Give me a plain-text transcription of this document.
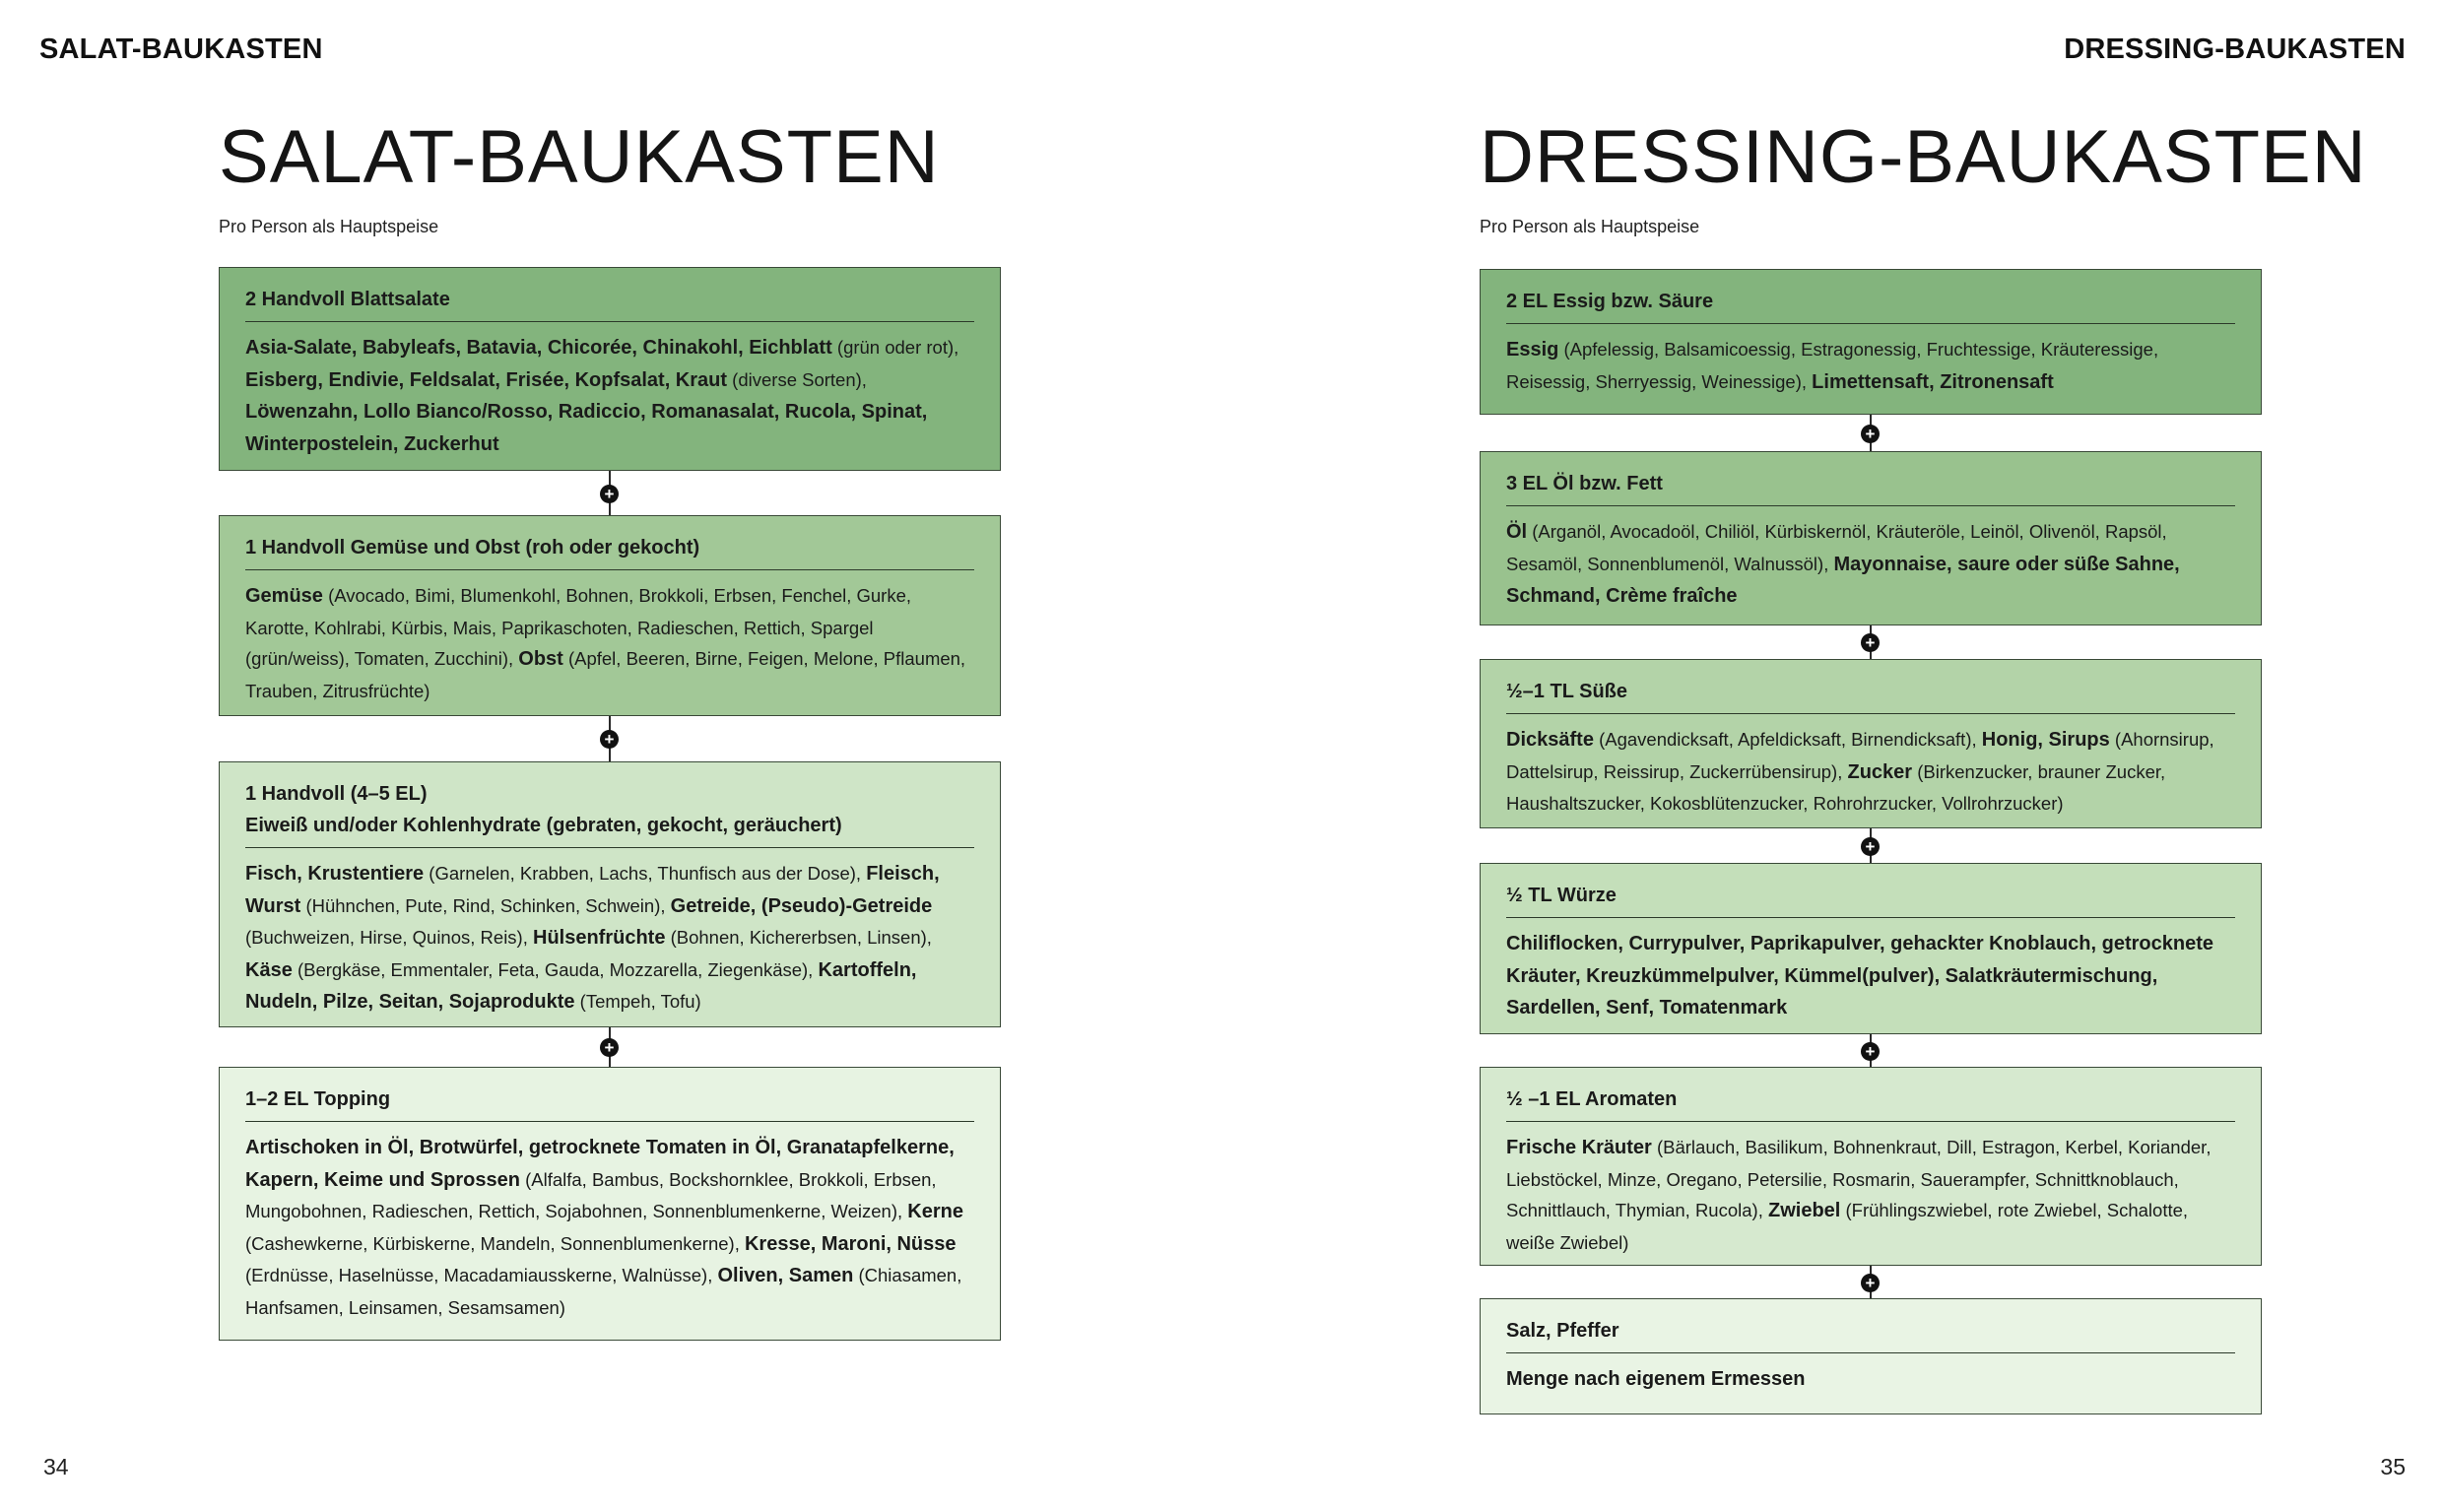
SALAT-BAUKASTEN	DRESSING-BAUKASTEN
SALAT-BAUKASTEN
Pro Person als Hauptspeise
2 Handvoll Blattsalate
Asia-Salate, Babyleafs, Batavia, Chicorée, Chinakohl, Eichblatt (grün oder rot), Eisberg, Endivie, Feldsalat, Frisée, Kopfsalat, Kraut (diverse Sorten), Löwenzahn, Lollo Bianco/Rosso, Radiccio, Romanasalat, Rucola, Spinat, Winterpostelein, Zuckerhut
+
1 Handvoll Gemüse und Obst (roh oder gekocht)
Gemüse (Avocado, Bimi, Blumenkohl, Bohnen, Brokkoli, Erbsen, Fenchel, Gurke, Karotte, Kohlrabi, Kürbis, Mais, Paprikaschoten, Radieschen, Rettich, Spargel (grün/weiss), Tomaten, Zucchini), Obst (Apfel, Beeren, Birne, Feigen, Melone, Pflaumen, Trauben, Zitrusfrüchte)
+
1 Handvoll (4–5 EL)
Eiweiß und/oder Kohlenhydrate (gebraten, gekocht, geräuchert)
Fisch, Krustentiere (Garnelen, Krabben, Lachs, Thunfisch aus der Dose), Fleisch, Wurst (Hühnchen, Pute, Rind, Schinken, Schwein), Getreide, (Pseudo)-Getreide (Buchweizen, Hirse, Quinos, Reis), Hülsenfrüchte (Bohnen, Kichererbsen, Linsen), Käse (Bergkäse, Emmentaler, Feta, Gauda, Mozzarella, Ziegenkäse), Kartoffeln, Nudeln, Pilze, Seitan, Sojaprodukte (Tempeh, Tofu)
+
1–2 EL Topping
Artischoken in Öl, Brotwürfel, getrocknete Tomaten in Öl, Granatapfelkerne, Kapern, Keime und Sprossen (Alfalfa, Bambus, Bockshornklee, Brokkoli, Erbsen, Mungobohnen, Radieschen, Rettich, Sojabohnen, Sonnenblumenkerne, Weizen), Kerne (Cashewkerne, Kürbiskerne, Mandeln, Sonnenblumenkerne), Kresse, Maroni, Nüsse (Erdnüsse, Haselnüsse, Macadamiausskerne, Walnüsse), Oliven, Samen (Chiasamen, Hanfsamen, Leinsamen, Sesamsamen)
DRESSING-BAUKASTEN
Pro Person als Hauptspeise
2 EL Essig bzw. Säure
Essig (Apfelessig, Balsamicoessig, Estragonessig, Fruchtessige, Kräuteressige, Reisessig, Sherryessig, Weinessige), Limettensaft, Zitronensaft
+
3 EL Öl bzw. Fett
Öl (Arganöl, Avocadoöl, Chiliöl, Kürbiskernöl, Kräuteröle, Leinöl, Olivenöl, Rapsöl, Sesamöl, Sonnenblumenöl, Walnussöl), Mayonnaise, saure oder süße Sahne, Schmand, Crème fraîche
+
½–1 TL Süße
Dicksäfte (Agavendicksaft, Apfeldicksaft, Birnendicksaft), Honig, Sirups (Ahornsirup, Dattelsirup, Reissirup, Zuckerrübensirup), Zucker (Birkenzucker, brauner Zucker, Haushaltszucker, Kokosblütenzucker, Rohrohrzucker, Vollrohrzucker)
+
½ TL Würze
Chiliflocken, Currypulver, Paprikapulver, gehackter Knoblauch, getrocknete Kräuter, Kreuzkümmelpulver, Kümmel(pulver), Salatkräutermischung, Sardellen, Senf, Tomatenmark
+
½ –1 EL Aromaten
Frische Kräuter (Bärlauch, Basilikum, Bohnenkraut, Dill, Estragon, Kerbel, Koriander, Liebstöckel, Minze, Oregano, Petersilie, Rosmarin, Sauerampfer, Schnittknoblauch, Schnittlauch, Thymian, Rucola), Zwiebel (Frühlingszwiebel, rote Zwiebel, Schalotte, weiße Zwiebel)
+
Salz, Pfeffer
Menge nach eigenem Ermessen
34	35
